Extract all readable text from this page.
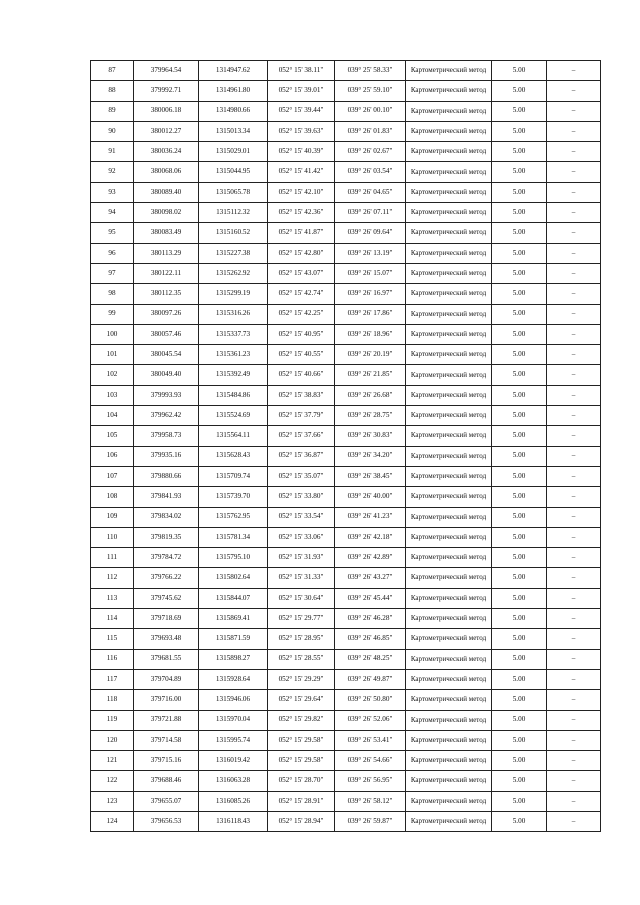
87	379964.54	1314947.62	052° 15' 38.11"	039° 25' 58.33"	Картометрический метод	5.00	–
88	379992.71	1314961.80	052° 15' 39.01"	039° 25' 59.10"	Картометрический метод	5.00	–
89	380006.18	1314980.66	052° 15' 39.44"	039° 26' 00.10"	Картометрический метод	5.00	–
90	380012.27	1315013.34	052° 15' 39.63"	039° 26' 01.83"	Картометрический метод	5.00	–
91	380036.24	1315029.01	052° 15' 40.39"	039° 26' 02.67"	Картометрический метод	5.00	–
92	380068.06	1315044.95	052° 15' 41.42"	039° 26' 03.54"	Картометрический метод	5.00	–
93	380089.40	1315065.78	052° 15' 42.10"	039° 26' 04.65"	Картометрический метод	5.00	–
94	380098.02	1315112.32	052° 15' 42.36"	039° 26' 07.11"	Картометрический метод	5.00	–
95	380083.49	1315160.52	052° 15' 41.87"	039° 26' 09.64"	Картометрический метод	5.00	–
96	380113.29	1315227.38	052° 15' 42.80"	039° 26' 13.19"	Картометрический метод	5.00	–
97	380122.11	1315262.92	052° 15' 43.07"	039° 26' 15.07"	Картометрический метод	5.00	–
98	380112.35	1315299.19	052° 15' 42.74"	039° 26' 16.97"	Картометрический метод	5.00	–
99	380097.26	1315316.26	052° 15' 42.25"	039° 26' 17.86"	Картометрический метод	5.00	–
100	380057.46	1315337.73	052° 15' 40.95"	039° 26' 18.96"	Картометрический метод	5.00	–
101	380045.54	1315361.23	052° 15' 40.55"	039° 26' 20.19"	Картометрический метод	5.00	–
102	380049.40	1315392.49	052° 15' 40.66"	039° 26' 21.85"	Картометрический метод	5.00	–
103	379993.93	1315484.86	052° 15' 38.83"	039° 26' 26.68"	Картометрический метод	5.00	–
104	379962.42	1315524.69	052° 15' 37.79"	039° 26' 28.75"	Картометрический метод	5.00	–
105	379958.73	1315564.11	052° 15' 37.66"	039° 26' 30.83"	Картометрический метод	5.00	–
106	379935.16	1315628.43	052° 15' 36.87"	039° 26' 34.20"	Картометрический метод	5.00	–
107	379880.66	1315709.74	052° 15' 35.07"	039° 26' 38.45"	Картометрический метод	5.00	–
108	379841.93	1315739.70	052° 15' 33.80"	039° 26' 40.00"	Картометрический метод	5.00	–
109	379834.02	1315762.95	052° 15' 33.54"	039° 26' 41.23"	Картометрический метод	5.00	–
110	379819.35	1315781.34	052° 15' 33.06"	039° 26' 42.18"	Картометрический метод	5.00	–
111	379784.72	1315795.10	052° 15' 31.93"	039° 26' 42.89"	Картометрический метод	5.00	–
112	379766.22	1315802.64	052° 15' 31.33"	039° 26' 43.27"	Картометрический метод	5.00	–
113	379745.62	1315844.07	052° 15' 30.64"	039° 26' 45.44"	Картометрический метод	5.00	–
114	379718.69	1315869.41	052° 15' 29.77"	039° 26' 46.28"	Картометрический метод	5.00	–
115	379693.48	1315871.59	052° 15' 28.95"	039° 26' 46.85"	Картометрический метод	5.00	–
116	379681.55	1315898.27	052° 15' 28.55"	039° 26' 48.25"	Картометрический метод	5.00	–
117	379704.89	1315928.64	052° 15' 29.29"	039° 26' 49.87"	Картометрический метод	5.00	–
118	379716.00	1315946.06	052° 15' 29.64"	039° 26' 50.80"	Картометрический метод	5.00	–
119	379721.88	1315970.04	052° 15' 29.82"	039° 26' 52.06"	Картометрический метод	5.00	–
120	379714.58	1315995.74	052° 15' 29.58"	039° 26' 53.41"	Картометрический метод	5.00	–
121	379715.16	1316019.42	052° 15' 29.58"	039° 26' 54.66"	Картометрический метод	5.00	–
122	379688.46	1316063.28	052° 15' 28.70"	039° 26' 56.95"	Картометрический метод	5.00	–
123	379655.07	1316085.26	052° 15' 28.91"	039° 26' 58.12"	Картометрический метод	5.00	–
124	379656.53	1316118.43	052° 15' 28.94"	039° 26' 59.87"	Картометрический метод	5.00	–
